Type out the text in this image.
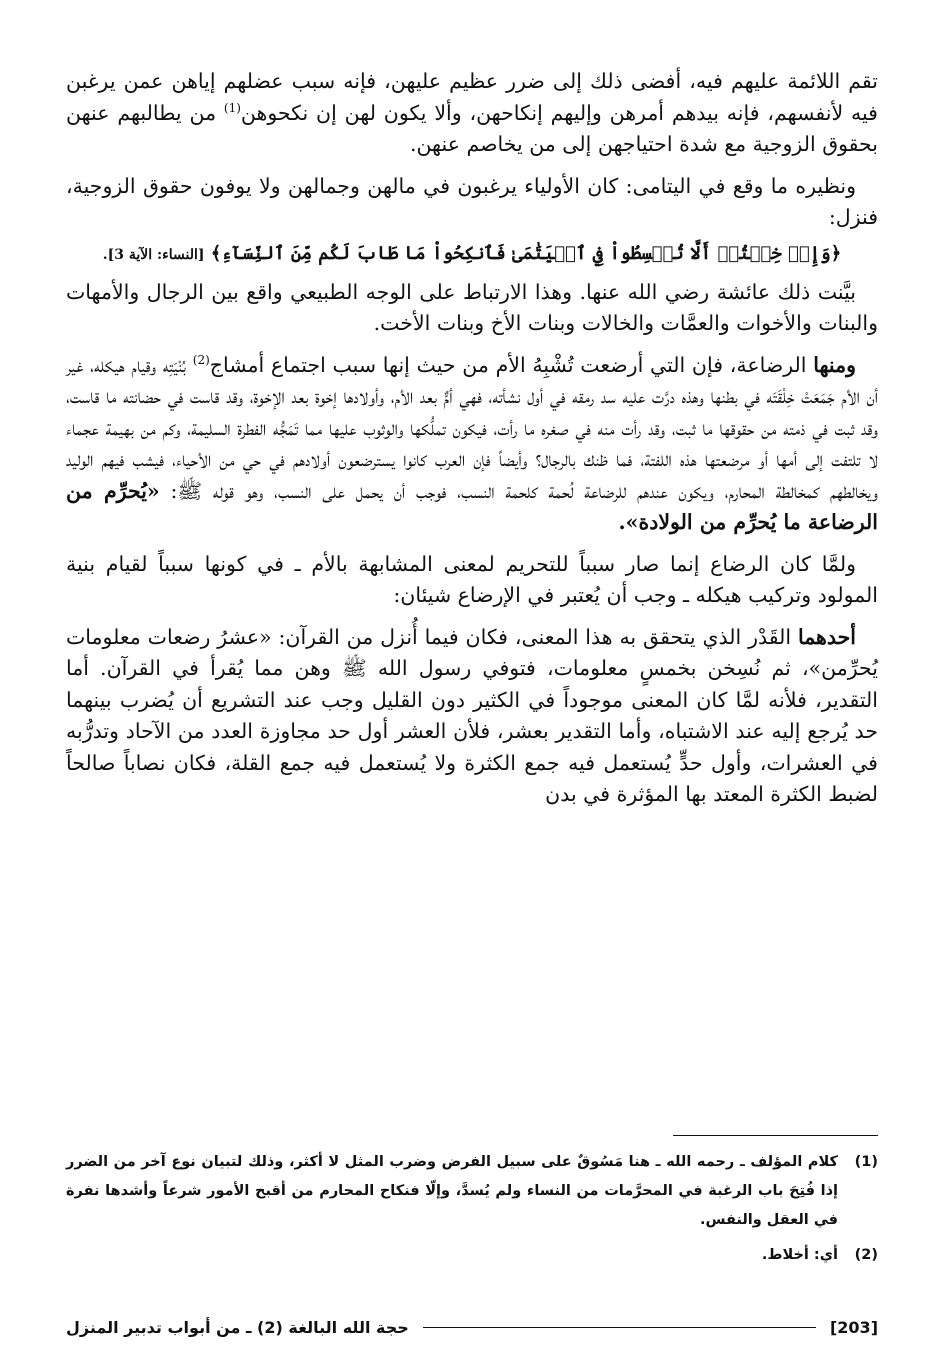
تقم اللائمة عليهم فيه، أفضى ذلك إلى ضرر عظيم عليهن، فإنه سبب عضلهم إياهن عمن يرغبن فيه لأنفسهم، فإنه بيدهم أمرهن وإليهم إنكاحهن، وألا يكون لهن إن نكحوهن$^{(1)}$ من يطالبهم عنهن بحقوق الزوجية مع شدة احتياجهن إلى من يخاصم عنهن.

ونظيره ما وقع في اليتامى: كان الأولياء يرغبون في مالهن وجمالهن ولا يوفون حقوق الزوجية، فنزل:

﴿وَإِنۡ خِفۡتُمۡ أَلَّا تُقۡسِطُواْ فِي ٱلۡيَتَٰمَىٰ فَٱنكِحُواْ مَا طَابَ لَكُم مِّنَ ٱلنِّسَآءِ﴾ [النساء: الآية 3].

بيَّنت ذلك عائشة رضي الله عنها. وهذا الارتباط على الوجه الطبيعي واقع بين الرجال والأمهات والبنات والأخوات والعمَّات والخالات وبنات الأخ وبنات الأخت.

ومنها الرضاعة، فإن التي أرضعت تُشْبِهُ الأم من حيث إنها سبب اجتماع أمشاج$^{(2)}$ بُنْيَتِه وقيام هيكله، غير أن الأم جَمَعَتْ خِلْقَتَه في بطنها وهذه درَّت عليه سد رمقه في أول نشأته، فهي أمٌّ بعد الأم، وأولادها إخوة بعد الإخوة، وقد قاست في حضانته ما قاست، وقد ثبت في ذمته من حقوقها ما ثبت، وقد رأت منه في صغره ما رأت، فيكون تملُّكها والوثوب عليها مما تَمَجُّه الفطرة السليمة، وكم من بهيمة عجماء لا تلتفت إلى أمها أو مرضعتها هذه اللفتة، فما ظنك بالرجال؟ وأيضاً فإن العرب كانوا يسترضعون أولادهم في حي من الأحياء، فيشب فيهم الوليد ويخالطهم كمخالطة المحارم، ويكون عندهم للرضاعة لُحمة كلحمة النسب، فوجب أن يحمل على النسب، وهو قوله ﷺ: «يُحرِّم من الرضاعة ما يُحرِّم من الولادة».

ولمَّا كان الرضاع إنما صار سبباً للتحريم لمعنى المشابهة بالأم ـ في كونها سبباً لقيام بنية المولود وتركيب هيكله ـ وجب أن يُعتبر في الإرضاع شيئان:

أحدهما القَدْر الذي يتحقق به هذا المعنى، فكان فيما أُنزل من القرآن: «عشرُ رضعات معلومات يُحرِّمن»، ثم نُسِخن بخمسٍ معلومات، فتوفي رسول الله ﷺ وهن مما يُقرأ في القرآن. أما التقدير، فلأنه لمَّا كان المعنى موجوداً في الكثير دون القليل وجب عند التشريع أن يُضرب بينهما حد يُرجع إليه عند الاشتباه، وأما التقدير بعشر، فلأن العشر أول حد مجاوزة العدد من الآحاد وتدرُّبه في العشرات، وأول حدٍّ يُستعمل فيه جمع الكثرة ولا يُستعمل فيه جمع القلة، فكان نصاباً صالحاً لضبط الكثرة المعتد بها المؤثرة في بدن

(1)
كلام المؤلف ـ رحمه الله ـ هنا مَسُوقٌ على سبيل الفرض وضرب المثل لا أكثر، وذلك لتبيان نوع آخر من الضرر إذا فُتِحَ باب الرغبة في المحرَّمات من النساء ولم يُسدَّ، وإلّا فنكاح المحارم من أقبح الأمور شرعاً وأشدها نفرة في العقل والنفس.
(2)
أي: أخلاط.
[203]
حجة الله البالغة (2) ـ من أبواب تدبير المنزل
